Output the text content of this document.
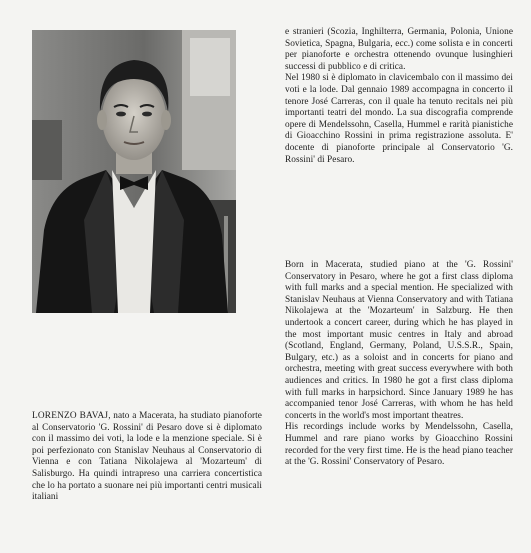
LORENZO BAVAJ, nato a Macerata, ha studiato pianoforte al Conservatorio 'G. Rossini' di Pesaro dove si è diplomato con il massimo dei voti, la lode e la menzione speciale. Si è poi perfezionato con Stanislav Neuhaus al Conservatorio di Vienna e con Tatiana Nikolajewa al 'Mozarteum' di Salisburgo. Ha quindi intrapreso una carriera concertistica che lo ha portato a suonare nei più importanti centri musicali italiani

e stranieri (Scozia, Inghilterra, Germania, Polonia, Unione Sovietica, Spagna, Bulgaria, ecc.) come solista e in concerti per pianoforte e orchestra ottenendo ovunque lusinghieri successi di pubblico e di critica.

Nel 1980 si è diplomato in clavicembalo con il massimo dei voti e la lode. Dal gennaio 1989 accompagna in concerto il tenore José Carreras, con il quale ha tenuto recitals nei più importanti teatri del mondo. La sua discografia comprende opere di Mendelssohn, Casella, Hummel e rarità pianistiche di Gioacchino Rossini in prima registrazione assoluta. E' docente di pianoforte principale al Conservatorio 'G. Rossini' di Pesaro.

Born in Macerata, studied piano at the 'G. Rossini' Conservatory in Pesaro, where he got a first class diploma with full marks and a special mention. He specialized with Stanislav Neuhaus at Vienna Conservatory and with Tatiana Nikolajewa at the 'Mozarteum' in Salzburg. He then undertook a concert career, during which he has played in the most important music centres in Italy and abroad (Scotland, England, Germany, Poland, U.S.S.R., Spain, Bulgary, etc.) as a soloist and in concerts for piano and orchestra, meeting with great success everywhere with both audiences and critics. In 1980 he got a first class diploma with full marks in harpsichord. Since January 1989 he has accompanied tenor José Carreras, with whom he has held concerts in the world's most important theatres.

His recordings include works by Mendelssohn, Casella, Hummel and rare piano works by Gioacchino Rossini recorded for the very first time. He is the head piano teacher at the 'G. Rossini' Conservatory of Pesaro.
